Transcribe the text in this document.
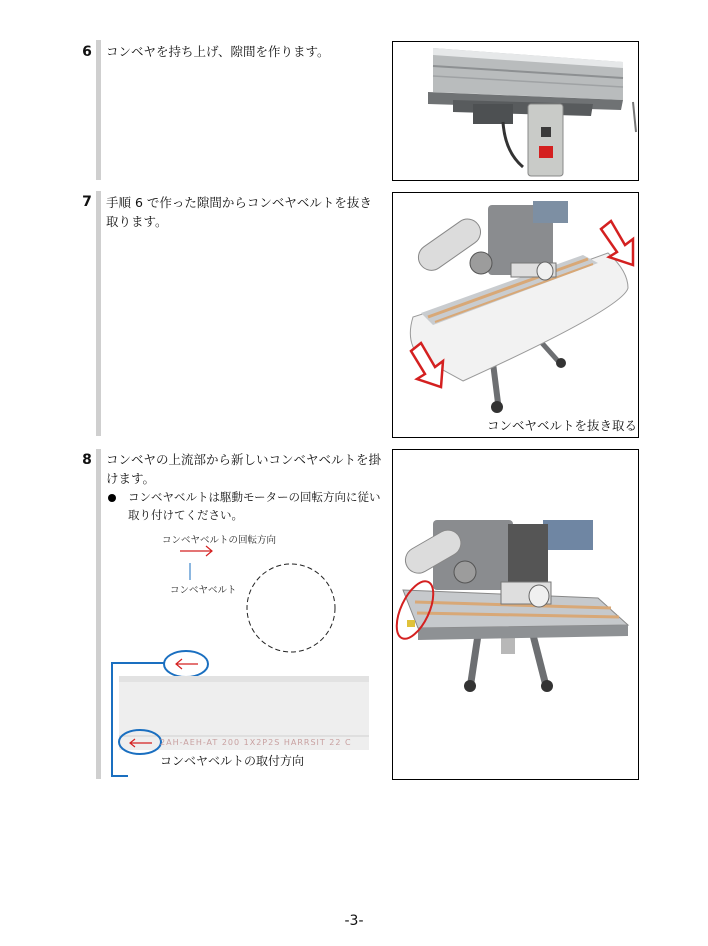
6 コンベヤを持ち上げ、隙間を作ります。
7 手順 6 で作った隙間からコンベヤベルトを抜き取ります。
コンベヤベルトを抜き取る
8 コンベヤの上流部から新しいコンベヤベルトを掛けます。
コンベヤベルトは駆動モーターの回転方向に従い取り付けてください。
コンベヤベルトの回転方向
コンベヤベルト
2AH-AEH-AT 200 1X2P2S HARRSIT 22 C
コンベヤベルトの取付方向
-3-
